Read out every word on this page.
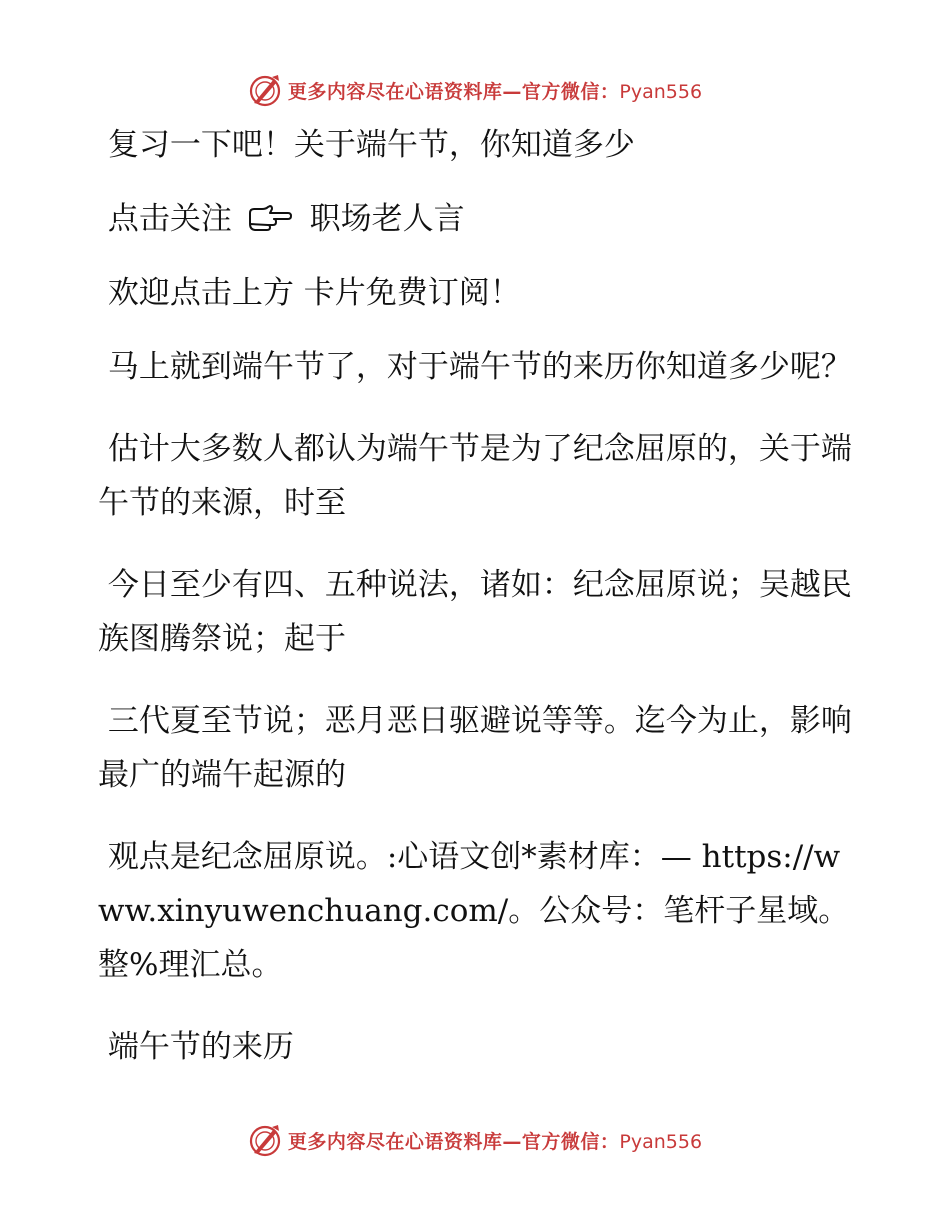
更多内容尽在心语资料库—官方微信：Pyan556

复习一下吧！关于端午节，你知道多少

点击关注  职场老人言

欢迎点击上方 卡片免费订阅！

马上就到端午节了，对于端午节的来历你知道多少呢？

估计大多数人都认为端午节是为了纪念屈原的，关于端午节的来源，时至

今日至少有四、五种说法，诸如：纪念屈原说；吴越民族图腾祭说；起于

三代夏至节说；恶月恶日驱避说等等。迄今为止，影响最广的端午起源的

观点是纪念屈原说。:心语文创*素材库：— https://www.xinyuwenchuang.com/。公众号：笔杆子星域。整%理汇总。

端午节的来历

更多内容尽在心语资料库—官方微信：Pyan556
